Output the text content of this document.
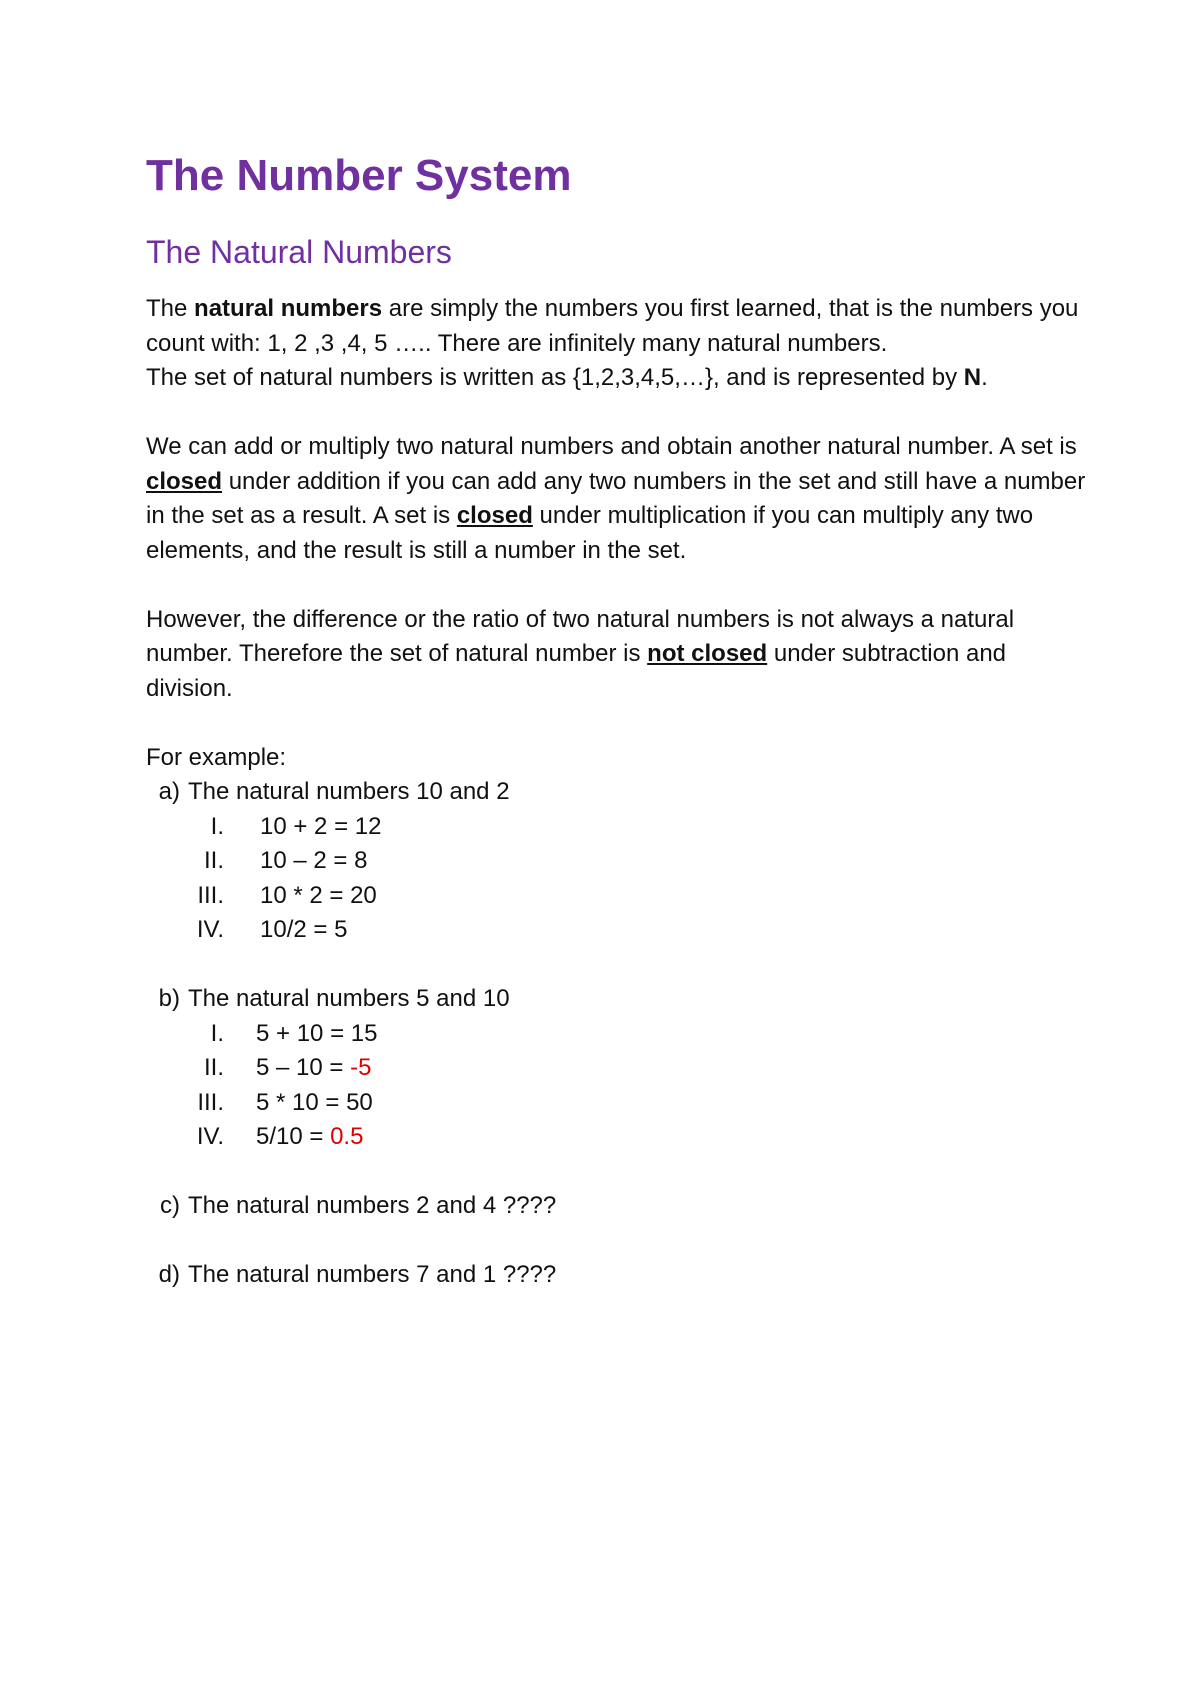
The Number System
The Natural Numbers

The natural numbers are simply the numbers you first learned, that is the numbers you count with: 1, 2 ,3 ,4, 5 ….. There are infinitely many natural numbers.

The set of natural numbers is written as {1,2,3,4,5,…}, and is represented by N.

We can add or multiply two natural numbers and obtain another natural number. A set is closed under addition if you can add any two numbers in the set and still have a number in the set as a result. A set is closed under multiplication if you can multiply any two elements, and the result is still a number in the set.

However, the difference or the ratio of two natural numbers is not always a natural number. Therefore the set of natural number is not closed under subtraction and division.

For example:
a) The natural numbers 10 and 2
I. 10 + 2 = 12
II. 10 – 2 = 8
III. 10 * 2 = 20
IV. 10/2 = 5
b) The natural numbers 5 and 10
I. 5 + 10 = 15
II. 5 – 10 = -5
III. 5 * 10 = 50
IV. 5/10 = 0.5
c) The natural numbers 2 and 4 ????
d) The natural numbers 7 and 1 ????
